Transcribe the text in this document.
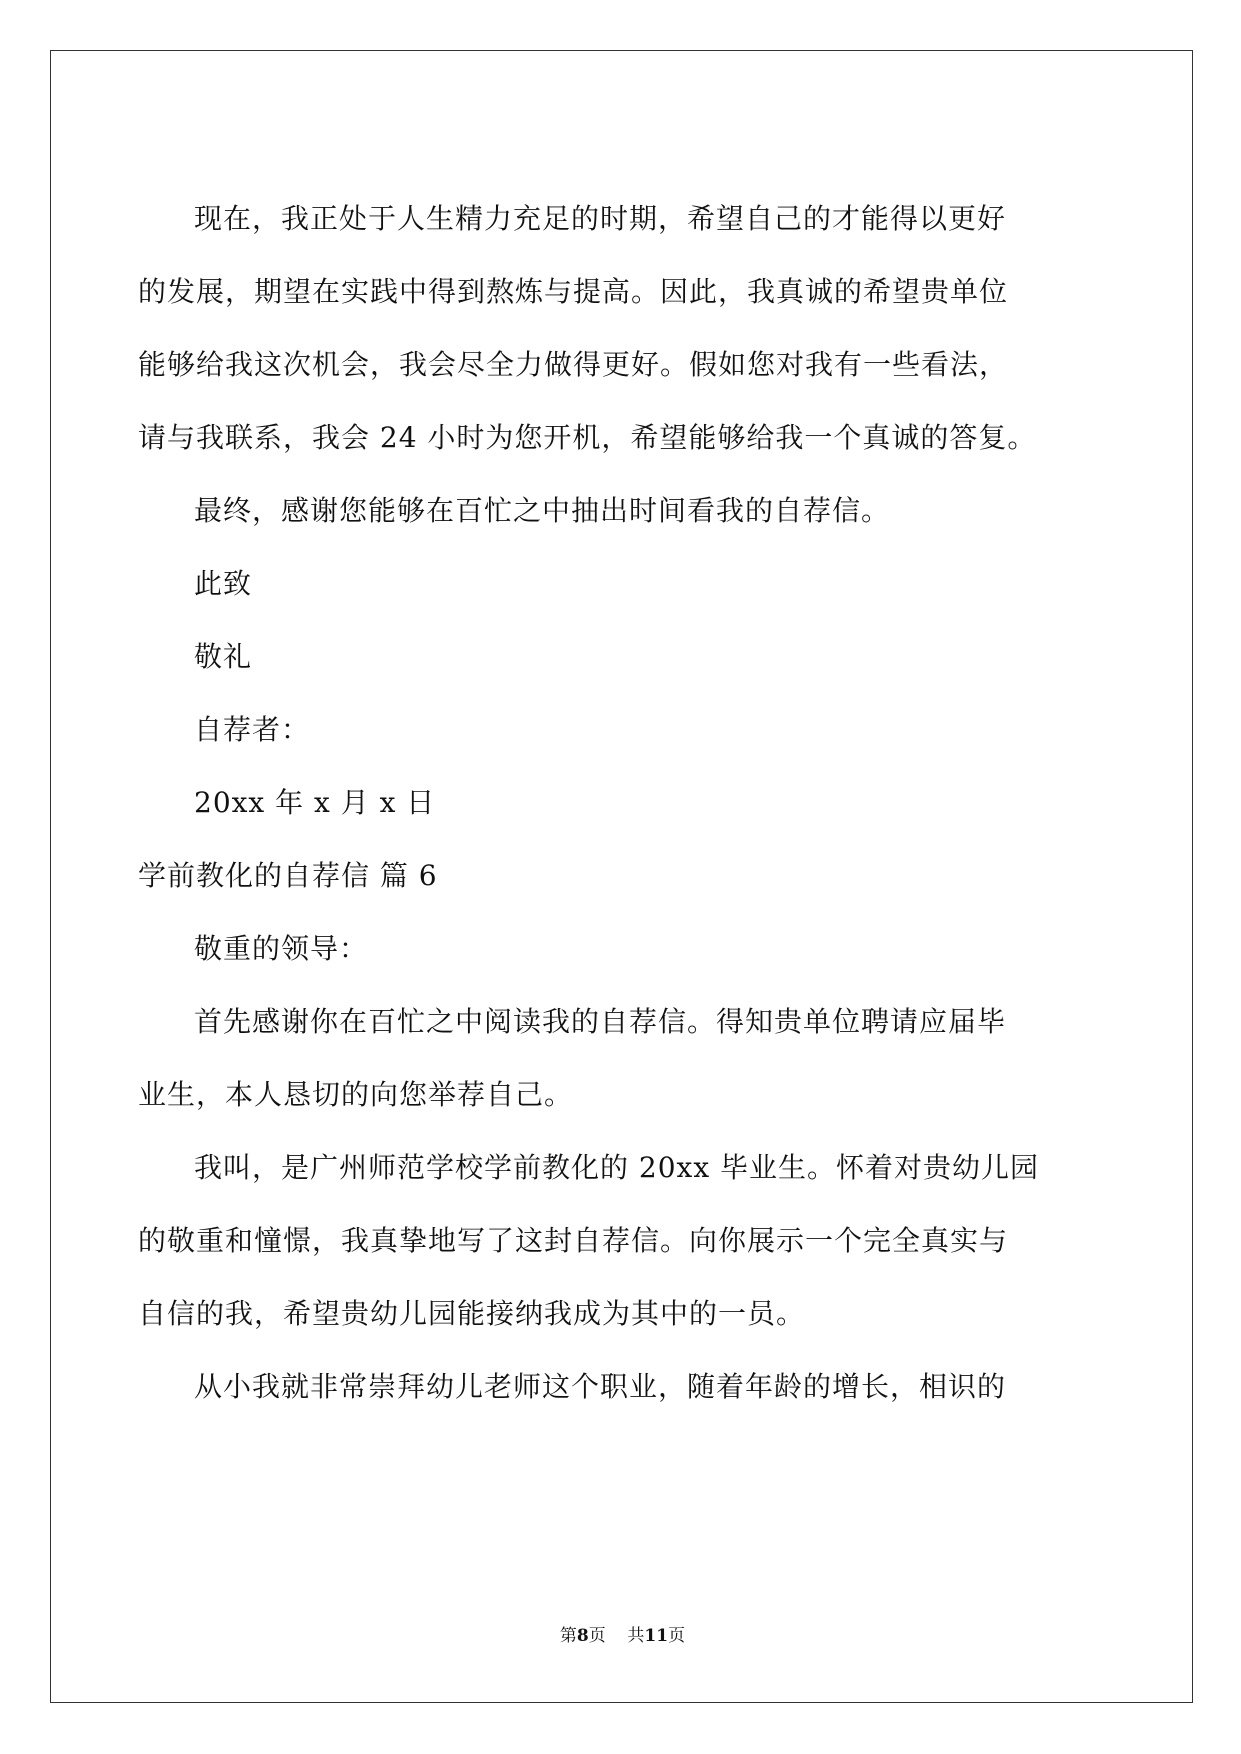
现在，我正处于人生精力充足的时期，希望自己的才能得以更好
的发展，期望在实践中得到熬炼与提高。因此，我真诚的希望贵单位
能够给我这次机会，我会尽全力做得更好。假如您对我有一些看法，
请与我联系，我会 24 小时为您开机，希望能够给我一个真诚的答复。
最终，感谢您能够在百忙之中抽出时间看我的自荐信。
此致
敬礼
自荐者：
20xx 年 x 月 x 日
学前教化的自荐信 篇 6
敬重的领导：
首先感谢你在百忙之中阅读我的自荐信。得知贵单位聘请应届毕
业生，本人恳切的向您举荐自己。
我叫，是广州师范学校学前教化的 20xx 毕业生。怀着对贵幼儿园
的敬重和憧憬，我真挚地写了这封自荐信。向你展示一个完全真实与
自信的我，希望贵幼儿园能接纳我成为其中的一员。
从小我就非常崇拜幼儿老师这个职业，随着年龄的增长，相识的
第8页 共11页
